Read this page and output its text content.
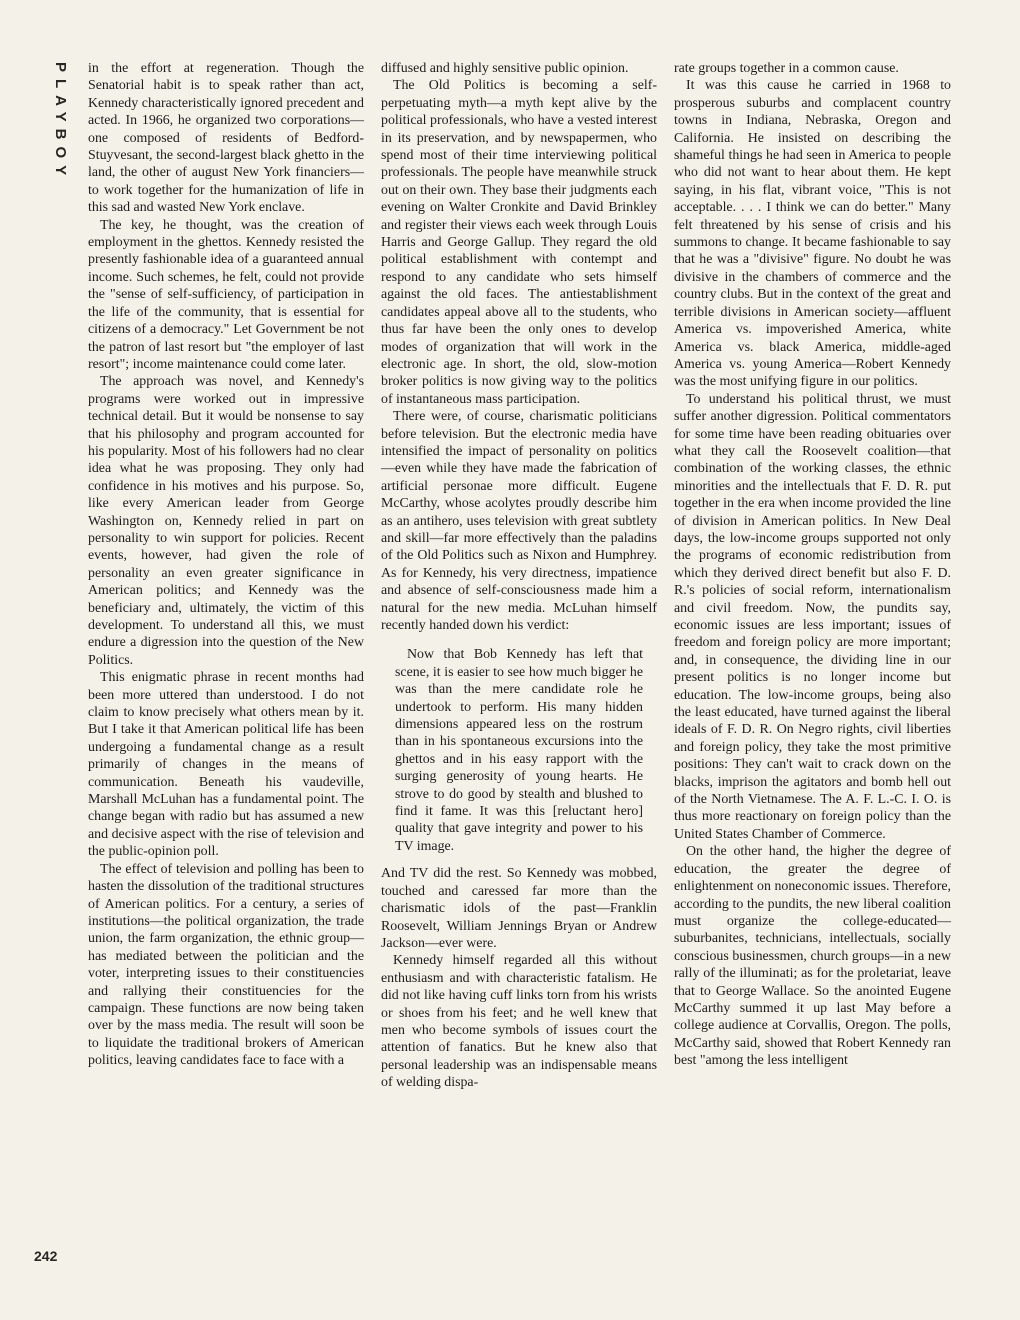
PLAYBOY in the effort at regeneration. Though the Senatorial habit is to speak rather than act, Kennedy characteristically ignored precedent and acted. In 1966, he organized two corporations—one composed of residents of Bedford-Stuyvesant, the second-largest black ghetto in the land, the other of august New York financiers—to work together for the humanization of life in this sad and wasted New York enclave.

The key, he thought, was the creation of employment in the ghettos. Kennedy resisted the presently fashionable idea of a guaranteed annual income. Such schemes, he felt, could not provide the "sense of self-sufficiency, of participation in the life of the community, that is essential for citizens of a democracy." Let Government be not the patron of last resort but "the employer of last resort"; income maintenance could come later.

The approach was novel, and Kennedy's programs were worked out in impressive technical detail. But it would be nonsense to say that his philosophy and program accounted for his popularity. Most of his followers had no clear idea what he was proposing. They only had confidence in his motives and his purpose. So, like every American leader from George Washington on, Kennedy relied in part on personality to win support for policies. Recent events, however, had given the role of personality an even greater significance in American politics; and Kennedy was the beneficiary and, ultimately, the victim of this development. To understand all this, we must endure a digression into the question of the New Politics.

This enigmatic phrase in recent months had been more uttered than understood. I do not claim to know precisely what others mean by it. But I take it that American political life has been undergoing a fundamental change as a result primarily of changes in the means of communication. Beneath his vaudeville, Marshall McLuhan has a fundamental point. The change began with radio but has assumed a new and decisive aspect with the rise of television and the public-opinion poll.

The effect of television and polling has been to hasten the dissolution of the traditional structures of American politics. For a century, a series of institutions—the political organization, the trade union, the farm organization, the ethnic group—has mediated between the politician and the voter, interpreting issues to their constituencies and rallying their constituencies for the campaign. These functions are now being taken over by the mass media. The result will soon be to liquidate the traditional brokers of American politics, leaving candidates face to face with a

diffused and highly sensitive public opinion.

The Old Politics is becoming a self-perpetuating myth—a myth kept alive by the political professionals, who have a vested interest in its preservation, and by newspapermen, who spend most of their time interviewing political professionals. The people have meanwhile struck out on their own. They base their judgments each evening on Walter Cronkite and David Brinkley and register their views each week through Louis Harris and George Gallup. They regard the old political establishment with contempt and respond to any candidate who sets himself against the old faces. The antiestablishment candidates appeal above all to the students, who thus far have been the only ones to develop modes of organization that will work in the electronic age. In short, the old, slow-motion broker politics is now giving way to the politics of instantaneous mass participation.

There were, of course, charismatic politicians before television. But the electronic media have intensified the impact of personality on politics—even while they have made the fabrication of artificial personae more difficult. Eugene McCarthy, whose acolytes proudly describe him as an antihero, uses television with great subtlety and skill—far more effectively than the paladins of the Old Politics such as Nixon and Humphrey. As for Kennedy, his very directness, impatience and absence of self-consciousness made him a natural for the new media. McLuhan himself recently handed down his verdict:

Now that Bob Kennedy has left that scene, it is easier to see how much bigger he was than the mere candidate role he undertook to perform. His many hidden dimensions appeared less on the rostrum than in his spontaneous excursions into the ghettos and in his easy rapport with the surging generosity of young hearts. He strove to do good by stealth and blushed to find it fame. It was this [reluctant hero] quality that gave integrity and power to his TV image.

And TV did the rest. So Kennedy was mobbed, touched and caressed far more than the charismatic idols of the past—Franklin Roosevelt, William Jennings Bryan or Andrew Jackson—ever were.

Kennedy himself regarded all this without enthusiasm and with characteristic fatalism. He did not like having cuff links torn from his wrists or shoes from his feet; and he well knew that men who become symbols of issues court the attention of fanatics. But he knew also that personal leadership was an indispensable means of welding dispa-

rate groups together in a common cause.

It was this cause he carried in 1968 to prosperous suburbs and complacent country towns in Indiana, Nebraska, Oregon and California. He insisted on describing the shameful things he had seen in America to people who did not want to hear about them. He kept saying, in his flat, vibrant voice, "This is not acceptable. . . . I think we can do better." Many felt threatened by his sense of crisis and his summons to change. It became fashionable to say that he was a "divisive" figure. No doubt he was divisive in the chambers of commerce and the country clubs. But in the context of the great and terrible divisions in American society—affluent America vs. impoverished America, white America vs. black America, middle-aged America vs. young America—Robert Kennedy was the most unifying figure in our politics.

To understand his political thrust, we must suffer another digression. Political commentators for some time have been reading obituaries over what they call the Roosevelt coalition—that combination of the working classes, the ethnic minorities and the intellectuals that F. D. R. put together in the era when income provided the line of division in American politics. In New Deal days, the low-income groups supported not only the programs of economic redistribution from which they derived direct benefit but also F. D. R.'s policies of social reform, internationalism and civil freedom. Now, the pundits say, economic issues are less important; issues of freedom and foreign policy are more important; and, in consequence, the dividing line in our present politics is no longer income but education. The low-income groups, being also the least educated, have turned against the liberal ideals of F. D. R. On Negro rights, civil liberties and foreign policy, they take the most primitive positions: They can't wait to crack down on the blacks, imprison the agitators and bomb hell out of the North Vietnamese. The A. F. L.-C. I. O. is thus more reactionary on foreign policy than the United States Chamber of Commerce.

On the other hand, the higher the degree of education, the greater the degree of enlightenment on noneconomic issues. Therefore, according to the pundits, the new liberal coalition must organize the college-educated—suburbanites, technicians, intellectuals, socially conscious businessmen, church groups—in a new rally of the illuminati; as for the proletariat, leave that to George Wallace. So the anointed Eugene McCarthy summed it up last May before a college audience at Corvallis, Oregon. The polls, McCarthy said, showed that Robert Kennedy ran best "among the less intelligent

242
